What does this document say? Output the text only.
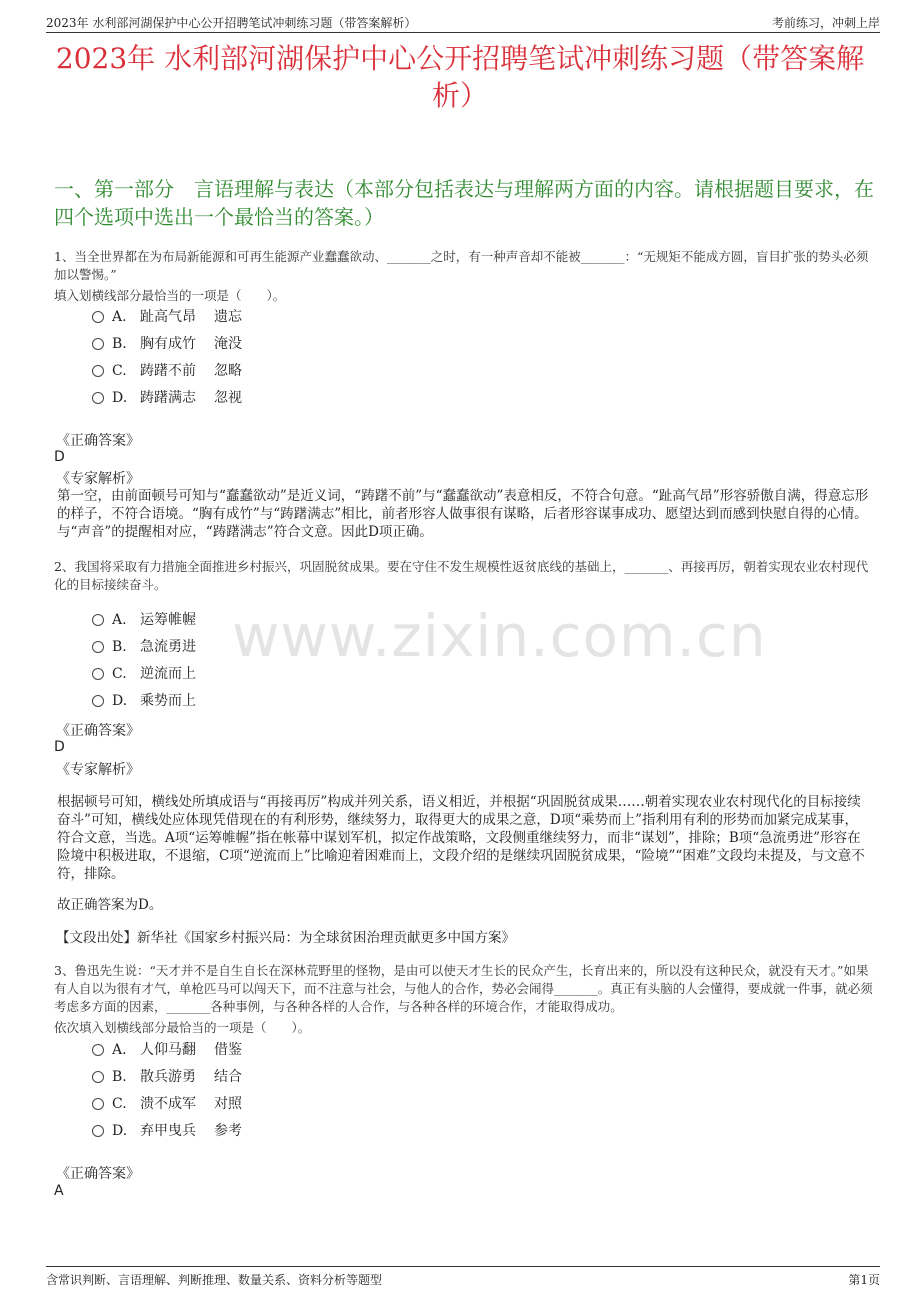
2023年 水利部河湖保护中心公开招聘笔试冲刺练习题（带答案解析）	考前练习，冲刺上岸
2023年 水利部河湖保护中心公开招聘笔试冲刺练习题（带答案解析）
一、第一部分　言语理解与表达（本部分包括表达与理解两方面的内容。请根据题目要求，在四个选项中选出一个最恰当的答案。）
www.zixin.com.cn
1、当全世界都在为布局新能源和可再生能源产业蠢蠢欲动、_______之时，有一种声音却不能被_______：“无规矩不能成方圆，盲目扩张的势头必须加以警惕。”
填入划横线部分最恰当的一项是（　　）。
A. 趾高气昂 遗忘
B. 胸有成竹 淹没
C. 踌躇不前 忽略
D. 踌躇满志 忽视
《正确答案》
D
《专家解析》
第一空，由前面顿号可知与“蠢蠢欲动”是近义词，“踌躇不前”与“蠢蠢欲动”表意相反，不符合句意。“趾高气昂”形容骄傲自满，得意忘形的样子，不符合语境。“胸有成竹”与“踌躇满志”相比，前者形容人做事很有谋略，后者形容谋事成功、愿望达到而感到快慰自得的心情。与“声音”的提醒相对应，“踌躇满志”符合文意。因此D项正确。
2、我国将采取有力措施全面推进乡村振兴，巩固脱贫成果。要在守住不发生规模性返贫底线的基础上，_______、再接再厉，朝着实现农业农村现代化的目标接续奋斗。
A. 运筹帷幄
B. 急流勇进
C. 逆流而上
D. 乘势而上
《正确答案》
D
《专家解析》
根据顿号可知，横线处所填成语与“再接再厉”构成并列关系，语义相近，并根据“巩固脱贫成果……朝着实现农业农村现代化的目标接续奋斗”可知，横线处应体现凭借现在的有利形势，继续努力，取得更大的成果之意，D项“乘势而上”指利用有利的形势而加紧完成某事，符合文意，当选。A项“运筹帷幄”指在帐幕中谋划军机，拟定作战策略，文段侧重继续努力，而非“谋划”，排除；B项“急流勇进”形容在险境中积极进取，不退缩，C项“逆流而上”比喻迎着困难而上，文段介绍的是继续巩固脱贫成果，“险境”“困难”文段均未提及，与文意不符，排除。
故正确答案为D。
【文段出处】新华社《国家乡村振兴局：为全球贫困治理贡献更多中国方案》
3、鲁迅先生说：“天才并不是自生自长在深林荒野里的怪物，是由可以使天才生长的民众产生，长育出来的，所以没有这种民众，就没有天才。”如果有人自以为很有才气，单枪匹马可以闯天下，而不注意与社会，与他人的合作，势必会闹得_______。真正有头脑的人会懂得，要成就一件事，就必须考虑多方面的因素，_______各种事例，与各种各样的人合作，与各种各样的环境合作，才能取得成功。
依次填入划横线部分最恰当的一项是（　　）。
A. 人仰马翻 借鉴
B. 散兵游勇 结合
C. 溃不成军 对照
D. 弃甲曳兵 参考
《正确答案》
A
含常识判断、言语理解、判断推理、数量关系、资料分析等题型	第1页
